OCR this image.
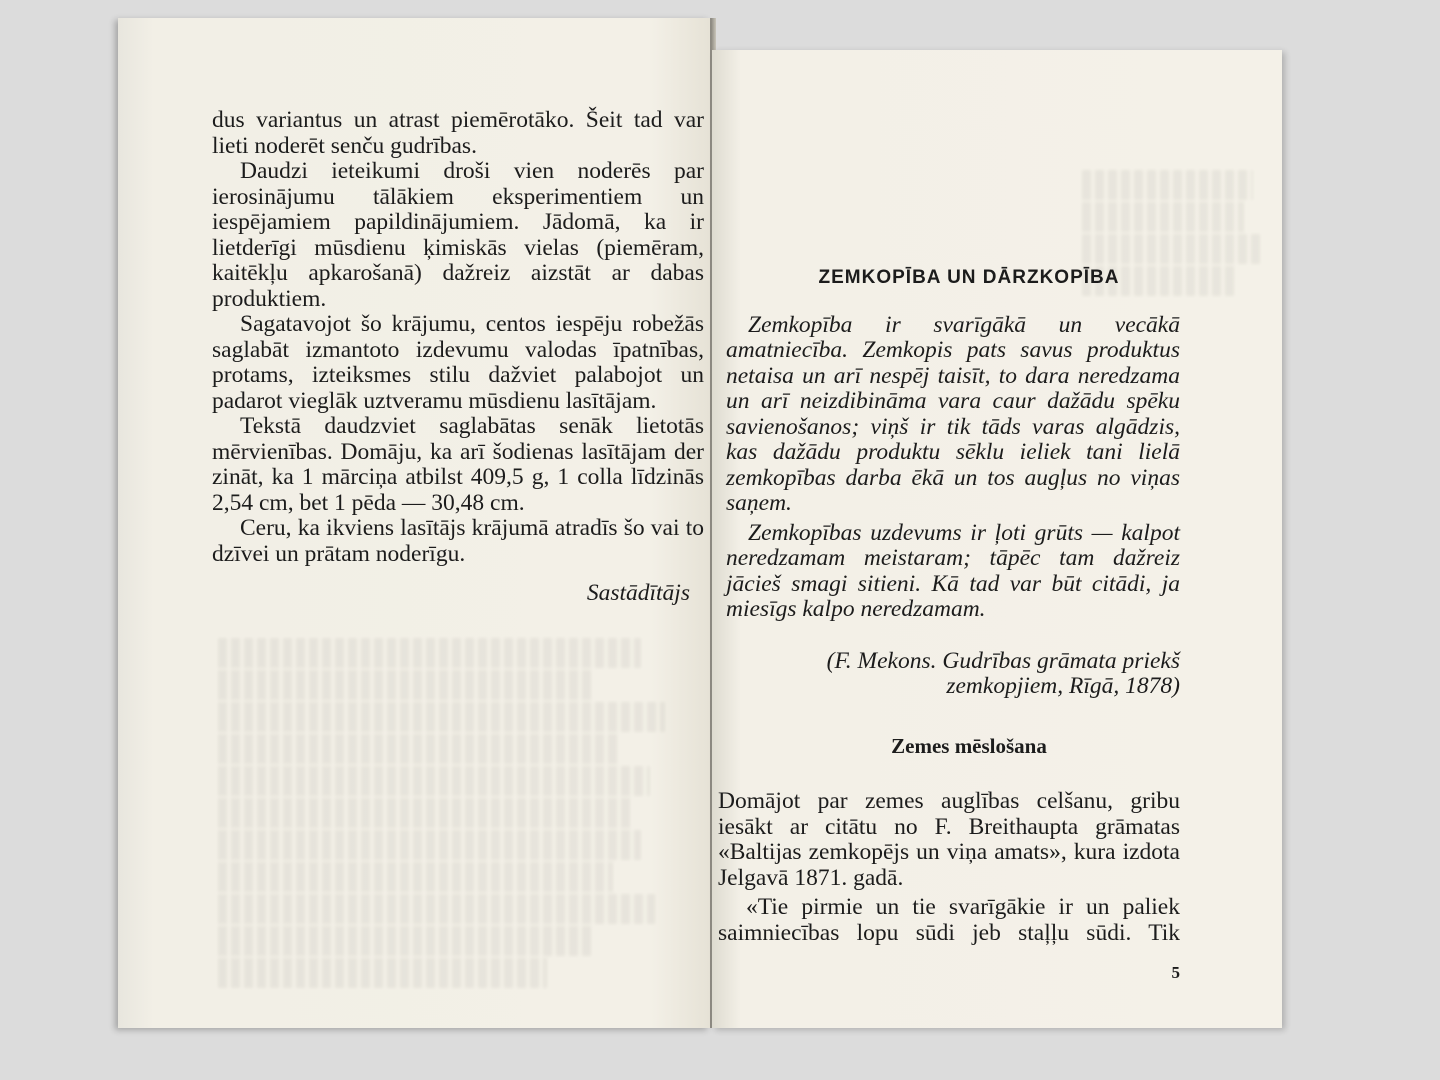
dus variantus un atrast piemērotāko. Šeit tad var lieti noderēt senču gudrības.

Daudzi ieteikumi droši vien noderēs par ierosinājumu tālākiem eksperimentiem un iespējamiem papildinājumiem. Jādomā, ka ir lietderīgi mūsdienu ķimiskās vielas (piemēram, kaitēkļu apkarošanā) dažreiz aizstāt ar dabas produktiem.

Sagatavojot šo krājumu, centos iespēju robežās saglabāt izmantoto izdevumu valodas īpatnības, protams, izteiksmes stilu dažviet palabojot un padarot vieglāk uztveramu mūsdienu lasītājam.

Tekstā daudzviet saglabātas senāk lietotās mērvienības. Domāju, ka arī šodienas lasītājam der zināt, ka 1 mārciņa atbilst 409,5 g, 1 colla līdzinās 2,54 cm, bet 1 pēda — 30,48 cm.

Ceru, ka ikviens lasītājs krājumā atradīs šo vai to dzīvei un prātam noderīgu.

Sastādītājs

ZEMKOPĪBA UN DĀRZKOPĪBA

Zemkopība ir svarīgākā un vecākā amatniecība. Zemkopis pats savus produktus netaisa un arī nespēj taisīt, to dara neredzama un arī neizdibināma vara caur dažādu spēku savienošanos; viņš ir tik tāds varas algādzis, kas dažādu produktu sēklu ieliek tani lielā zemkopības darba ēkā un tos augļus no viņas saņem.

Zemkopības uzdevums ir ļoti grūts — kalpot neredzamam meistaram; tāpēc tam dažreiz jācieš smagi sitieni. Kā tad var būt citādi, ja miesīgs kalpo neredzamam.

(F. Mekons. Gudrības grāmata priekš
zemkopjiem, Rīgā, 1878)

Zemes mēslošana

Domājot par zemes auglības celšanu, gribu iesākt ar citātu no F. Breithaupta grāmatas «Baltijas zemkopējs un viņa amats», kura izdota Jelgavā 1871. gadā.

«Tie pirmie un tie svarīgākie ir un paliek saimniecības lopu sūdi jeb staļļu sūdi. Tik

5
